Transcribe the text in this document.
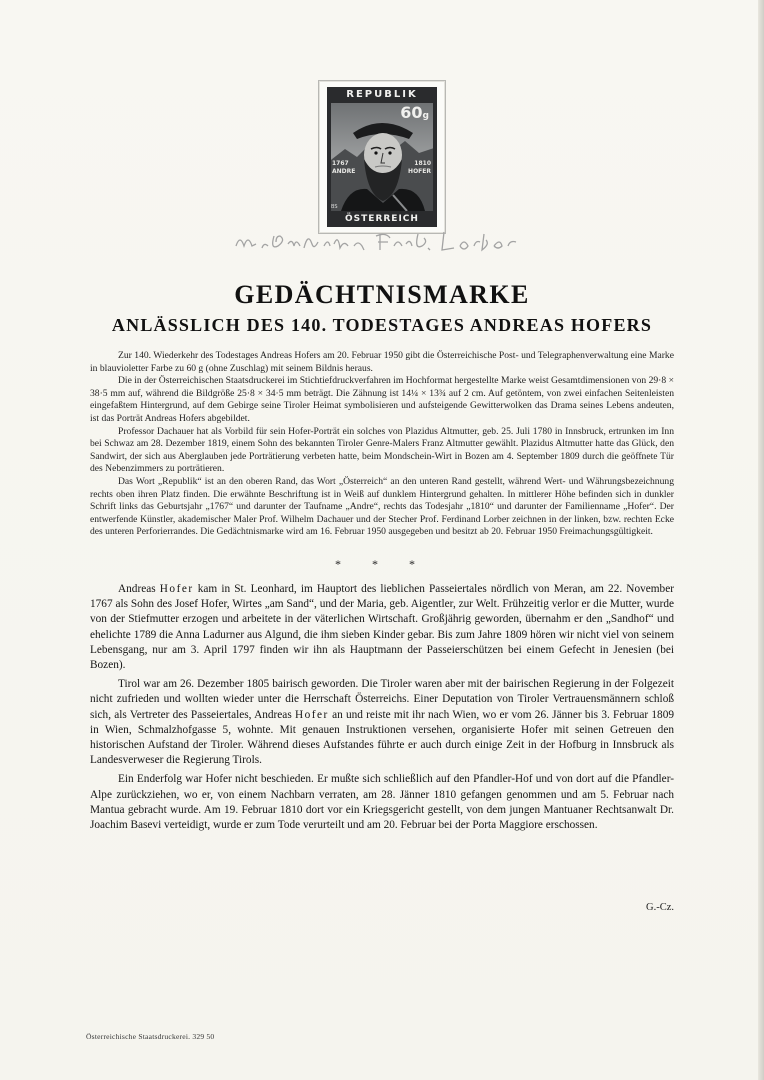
REPUBLIK
60g
1767
ANDRE
1810
HOFER
BS
ÖSTERREICH
GEDÄCHTNISMARKE
ANLÄSSLICH DES 140. TODESTAGES ANDREAS HOFERS

Zur 140. Wiederkehr des Todestages Andreas Hofers am 20. Februar 1950 gibt die Österreichische Post- und Telegraphenverwaltung eine Marke in blauvioletter Farbe zu 60 g (ohne Zuschlag) mit seinem Bildnis heraus.

Die in der Österreichischen Staatsdruckerei im Stichtiefdruckverfahren im Hochformat hergestellte Marke weist Gesamtdimensionen von 29·8 × 38·5 mm auf, während die Bildgröße 25·8 × 34·5 mm beträgt. Die Zähnung ist 14¼ × 13¾ auf 2 cm. Auf getöntem, von zwei einfachen Seitenleisten eingefaßtem Hintergrund, auf dem Gebirge seine Tiroler Heimat symbolisieren und aufsteigende Gewitterwolken das Drama seines Lebens andeuten, ist das Porträt Andreas Hofers abgebildet.

Professor Dachauer hat als Vorbild für sein Hofer-Porträt ein solches von Plazidus Altmutter, geb. 25. Juli 1780 in Innsbruck, ertrunken im Inn bei Schwaz am 28. Dezember 1819, einem Sohn des bekannten Tiroler Genre-Malers Franz Altmutter gewählt. Plazidus Altmutter hatte das Glück, den Sandwirt, der sich aus Aberglauben jede Porträtierung verbeten hatte, beim Mondschein-Wirt in Bozen am 4. September 1809 durch die geöffnete Tür des Nebenzimmers zu porträtieren.

Das Wort „Republik“ ist an den oberen Rand, das Wort „Österreich“ an den unteren Rand gestellt, während Wert- und Währungsbezeichnung rechts oben ihren Platz finden. Die erwähnte Beschriftung ist in Weiß auf dunklem Hintergrund gehalten. In mittlerer Höhe befinden sich in dunkler Schrift links das Geburtsjahr „1767“ und darunter der Taufname „Andre“, rechts das Todesjahr „1810“ und darunter der Familienname „Hofer“. Der entwerfende Künstler, akademischer Maler Prof. Wilhelm Dachauer und der Stecher Prof. Ferdinand Lorber zeichnen in der linken, bzw. rechten Ecke des unteren Perforierrandes. Die Gedächtnismarke wird am 16. Februar 1950 ausgegeben und besitzt ab 20. Februar 1950 Freimachungsgültigkeit.

* * *

Andreas Hofer kam in St. Leonhard, im Hauptort des lieblichen Passeiertales nördlich von Meran, am 22. November 1767 als Sohn des Josef Hofer, Wirtes „am Sand“, und der Maria, geb. Aigentler, zur Welt. Frühzeitig verlor er die Mutter, wurde von der Stiefmutter erzogen und arbeitete in der väterlichen Wirtschaft. Großjährig geworden, übernahm er den „Sandhof“ und ehelichte 1789 die Anna Ladurner aus Algund, die ihm sieben Kinder gebar. Bis zum Jahre 1809 hören wir nicht viel von seinem Lebensgang, nur am 3. April 1797 finden wir ihn als Hauptmann der Passeierschützen bei einem Gefecht in Jenesien (bei Bozen).

Tirol war am 26. Dezember 1805 bairisch geworden. Die Tiroler waren aber mit der bairischen Regierung in der Folgezeit nicht zufrieden und wollten wieder unter die Herrschaft Österreichs. Einer Deputation von Tiroler Vertrauensmännern schloß sich, als Vertreter des Passeiertales, Andreas Hofer an und reiste mit ihr nach Wien, wo er vom 26. Jänner bis 3. Februar 1809 in Wien, Schmalzhofgasse 5, wohnte. Mit genauen Instruktionen versehen, organisierte Hofer mit seinen Getreuen den historischen Aufstand der Tiroler. Während dieses Aufstandes führte er auch durch einige Zeit in der Hofburg in Innsbruck als Landesverweser die Regierung Tirols.

Ein Enderfolg war Hofer nicht beschieden. Er mußte sich schließlich auf den Pfandler-Hof und von dort auf die Pfandler-Alpe zurückziehen, wo er, von einem Nachbarn verraten, am 28. Jänner 1810 gefangen genommen und am 5. Februar nach Mantua gebracht wurde. Am 19. Februar 1810 dort vor ein Kriegsgericht gestellt, von dem jungen Mantuaner Rechtsanwalt Dr. Joachim Basevi verteidigt, wurde er zum Tode verurteilt und am 20. Februar bei der Porta Maggiore erschossen.

G.-Cz.
Österreichische Staatsdruckerei. 329 50
